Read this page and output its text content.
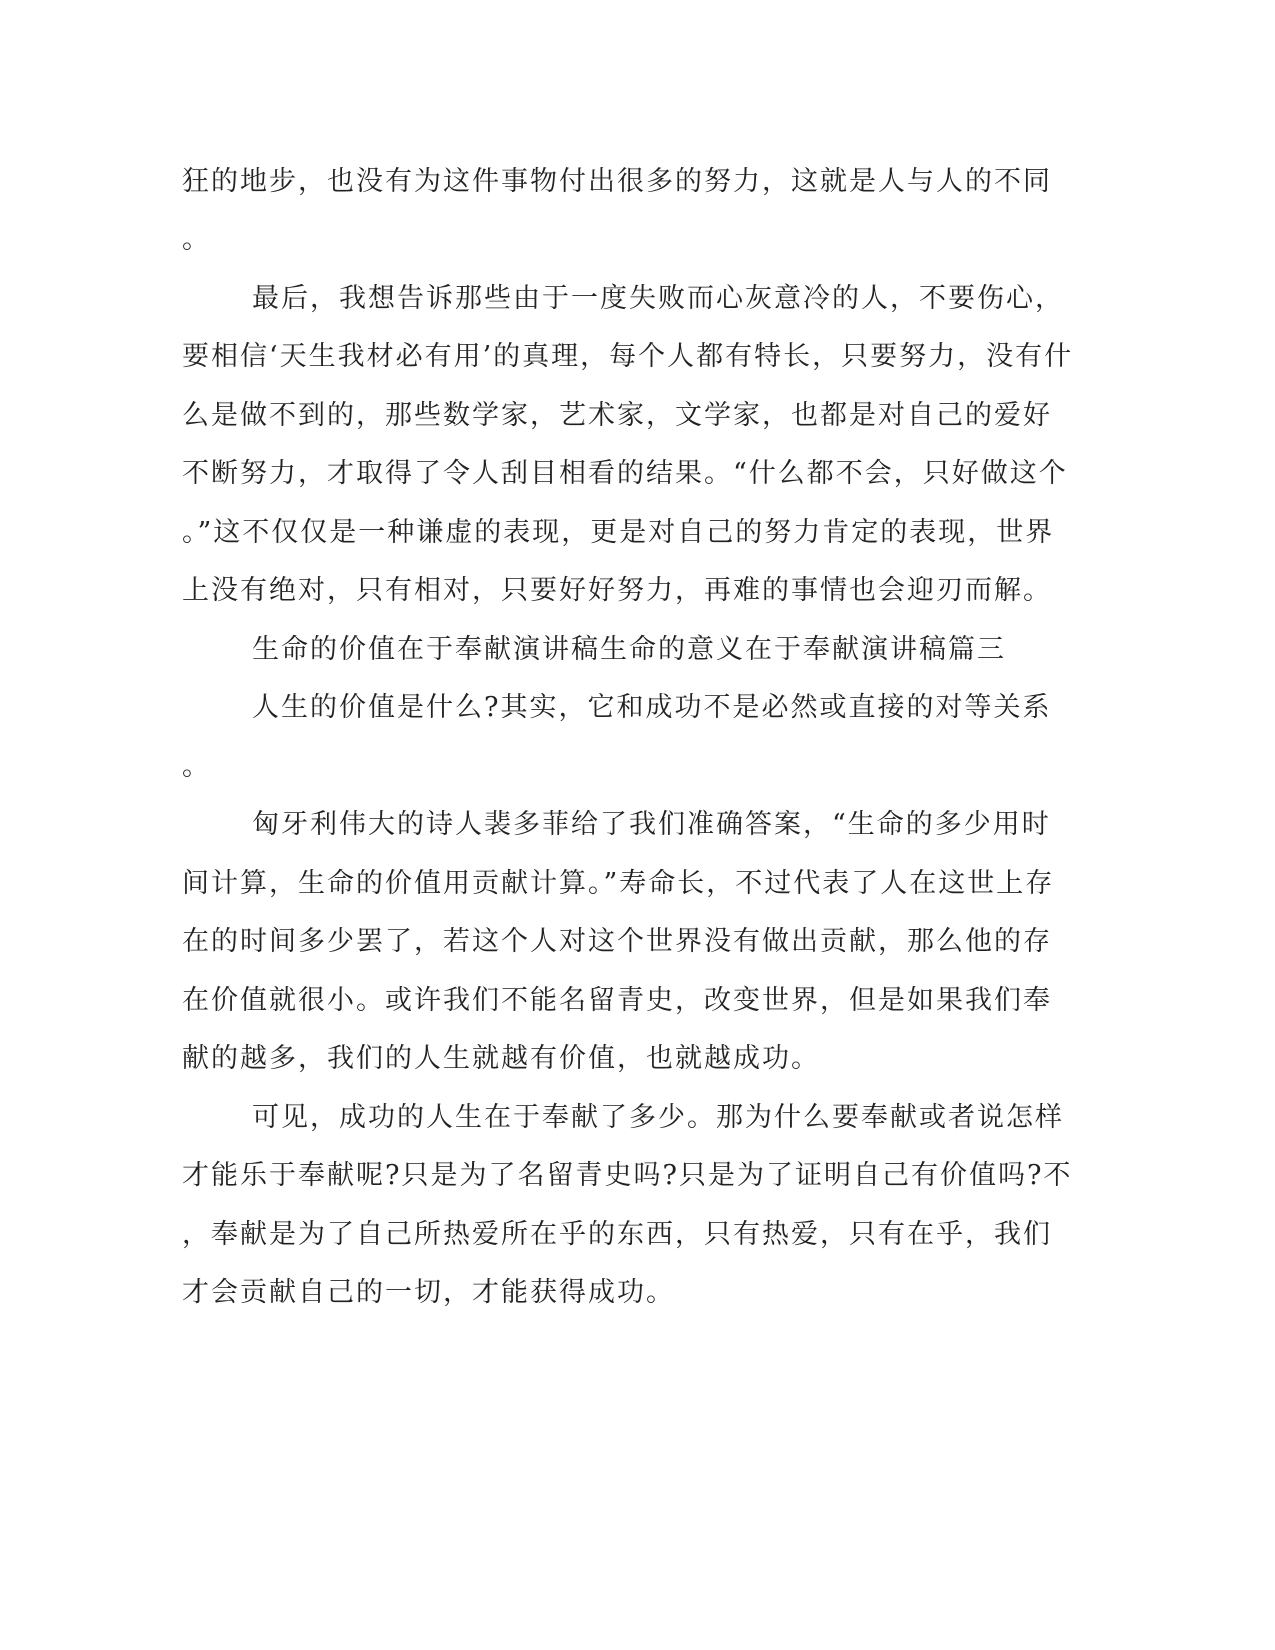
狂的地步，也没有为这件事物付出很多的努力，这就是人与人的不同
。
最后，我想告诉那些由于一度失败而心灰意冷的人，不要伤心，
要相信‘天生我材必有用’的真理，每个人都有特长，只要努力，没有什
么是做不到的，那些数学家，艺术家，文学家，也都是对自己的爱好
不断努力，才取得了令人刮目相看的结果。“什么都不会，只好做这个
。”这不仅仅是一种谦虚的表现，更是对自己的努力肯定的表现，世界
上没有绝对，只有相对，只要好好努力，再难的事情也会迎刃而解。
生命的价值在于奉献演讲稿生命的意义在于奉献演讲稿篇三
人生的价值是什么?其实，它和成功不是必然或直接的对等关系
。
匈牙利伟大的诗人裴多菲给了我们准确答案，“生命的多少用时
间计算，生命的价值用贡献计算。”寿命长，不过代表了人在这世上存
在的时间多少罢了，若这个人对这个世界没有做出贡献，那么他的存
在价值就很小。或许我们不能名留青史，改变世界，但是如果我们奉
献的越多，我们的人生就越有价值，也就越成功。
可见，成功的人生在于奉献了多少。那为什么要奉献或者说怎样
才能乐于奉献呢?只是为了名留青史吗?只是为了证明自己有价值吗?不
，奉献是为了自己所热爱所在乎的东西，只有热爱，只有在乎，我们
才会贡献自己的一切，才能获得成功。
